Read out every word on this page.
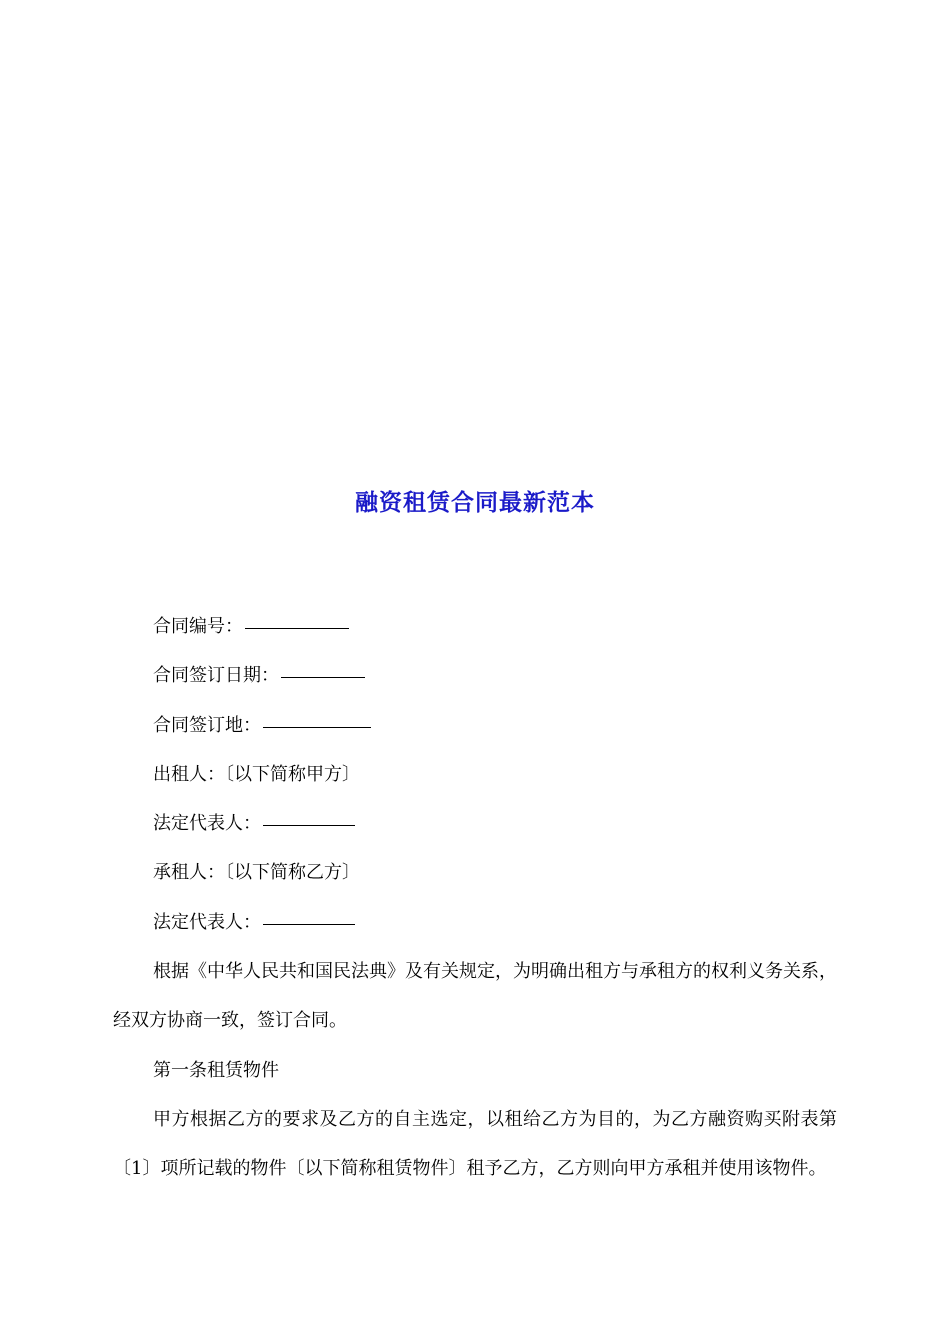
融资租赁合同最新范本

合同编号：

合同签订日期：

合同签订地：

出租人：〔以下简称甲方〕

法定代表人：

承租人：〔以下简称乙方〕

法定代表人：

根据《中华人民共和国民法典》及有关规定，为明确出租方与承租方的权利义务关系，经双方协商一致，签订合同。

第一条租赁物件

甲方根据乙方的要求及乙方的自主选定，以租给乙方为目的，为乙方融资购买附表第〔1〕项所记载的物件〔以下简称租赁物件〕租予乙方，乙方则向甲方承租并使用该物件。
